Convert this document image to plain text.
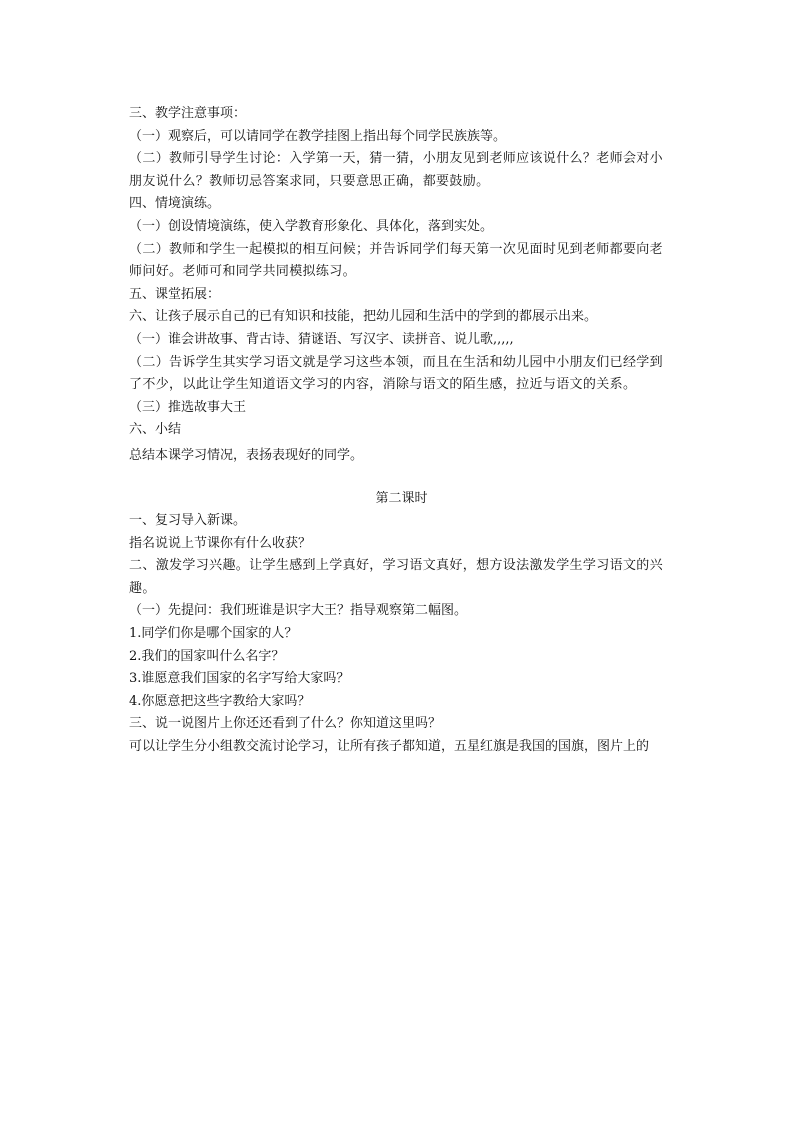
三、教学注意事项：

（一）观察后，可以请同学在教学挂图上指出每个同学民族族等。

（二）教师引导学生讨论：入学第一天，猜一猜，小朋友见到老师应该说什么？老师会对小朋友说什么？教师切忌答案求同，只要意思正确，都要鼓励。

四、情境演练。

（一）创设情境演练，使入学教育形象化、具体化，落到实处。

（二）教师和学生一起模拟的相互问候；并告诉同学们每天第一次见面时见到老师都要向老师问好。老师可和同学共同模拟练习。

五、课堂拓展：

六、让孩子展示自己的已有知识和技能，把幼儿园和生活中的学到的都展示出来。

（一）谁会讲故事、背古诗、猜谜语、写汉字、读拼音、说儿歌,,,,,

（二）告诉学生其实学习语文就是学习这些本领，而且在生活和幼儿园中小朋友们已经学到了不少，以此让学生知道语文学习的内容，消除与语文的陌生感，拉近与语文的关系。

（三）推选故事大王

六、小结

总结本课学习情况，表扬表现好的同学。

第二课时

一、复习导入新课。

指名说说上节课你有什么收获？

二、激发学习兴趣。让学生感到上学真好，学习语文真好，想方设法激发学生学习语文的兴趣。

（一）先提问：我们班谁是识字大王？指导观察第二幅图。

1.同学们你是哪个国家的人？

2.我们的国家叫什么名字？

3.谁愿意我们国家的名字写给大家吗？

4.你愿意把这些字教给大家吗？

三、说一说图片上你还还看到了什么？你知道这里吗？

可以让学生分小组教交流讨论学习，让所有孩子都知道，五星红旗是我国的国旗，图片上的
